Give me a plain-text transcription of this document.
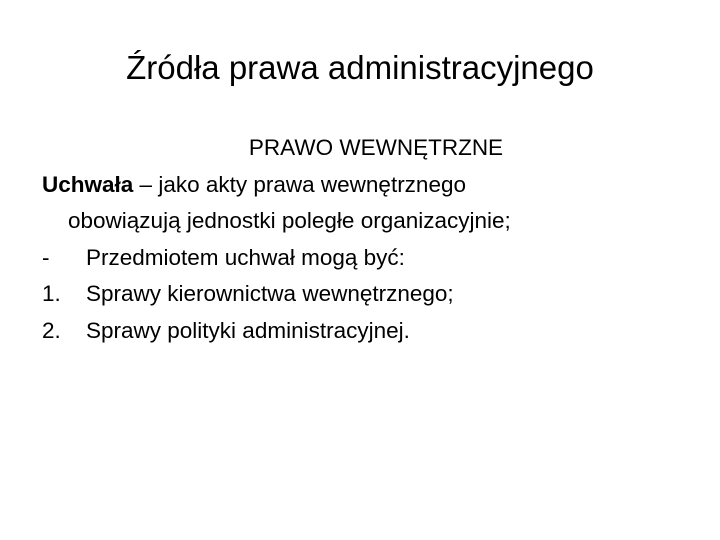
Źródła prawa administracyjnego
PRAWO WEWNĘTRZNE
Uchwała – jako akty prawa wewnętrznego
obowiązują jednostki poległe organizacyjnie;
-	Przedmiotem uchwał mogą być:
1.	Sprawy kierownictwa wewnętrznego;
2.	Sprawy polityki administracyjnej.
